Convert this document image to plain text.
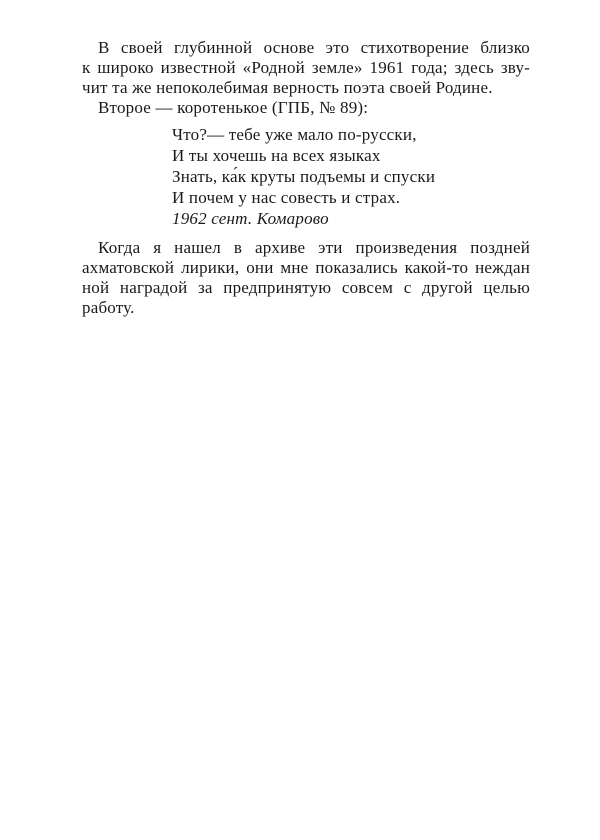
В своей глубинной основе это стихотворение близко
к широко известной «Родной земле» 1961 года; здесь зву-
чит та же непоколебимая верность поэта своей Родине.
Второе — коротенькое (ГПБ, № 89):
Что?— тебе уже мало по-русски,
И ты хочешь на всех языках
Знать, ка́к круты подъемы и спуски
И почем у нас совесть и страх.
1962 сент. Комарово
Когда я нашел в архиве эти произведения поздней
ахматовской лирики, они мне показались какой-то неждан
ной наградой за предпринятую совсем с другой целью
работу.
